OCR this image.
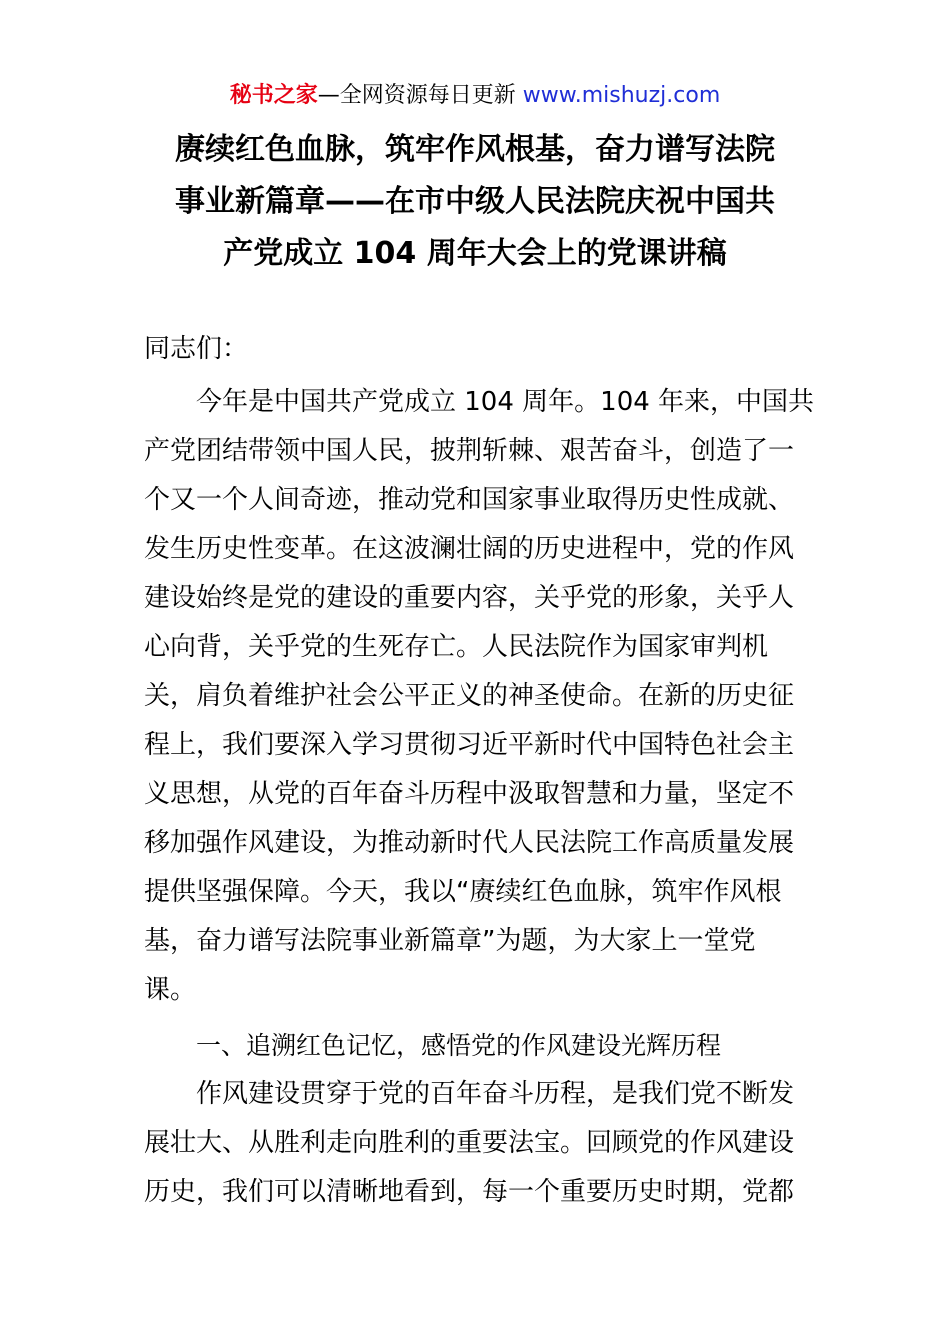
秘书之家—全网资源每日更新 www.mishuzj.com
赓续红色血脉，筑牢作风根基，奋力谱写法院
事业新篇章——在市中级人民法院庆祝中国共
产党成立 104 周年大会上的党课讲稿

同志们：

今年是中国共产党成立 104 周年。104 年来，中国共
产党团结带领中国人民，披荆斩棘、艰苦奋斗，创造了一
个又一个人间奇迹，推动党和国家事业取得历史性成就、
发生历史性变革。在这波澜壮阔的历史进程中，党的作风
建设始终是党的建设的重要内容，关乎党的形象，关乎人
心向背，关乎党的生死存亡。人民法院作为国家审判机
关，肩负着维护社会公平正义的神圣使命。在新的历史征
程上，我们要深入学习贯彻习近平新时代中国特色社会主
义思想，从党的百年奋斗历程中汲取智慧和力量，坚定不
移加强作风建设，为推动新时代人民法院工作高质量发展
提供坚强保障。今天，我以“赓续红色血脉，筑牢作风根
基，奋力谱写法院事业新篇章”为题，为大家上一堂党
课。

一、追溯红色记忆，感悟党的作风建设光辉历程

作风建设贯穿于党的百年奋斗历程，是我们党不断发
展壮大、从胜利走向胜利的重要法宝。回顾党的作风建设
历史，我们可以清晰地看到，每一个重要历史时期，党都
